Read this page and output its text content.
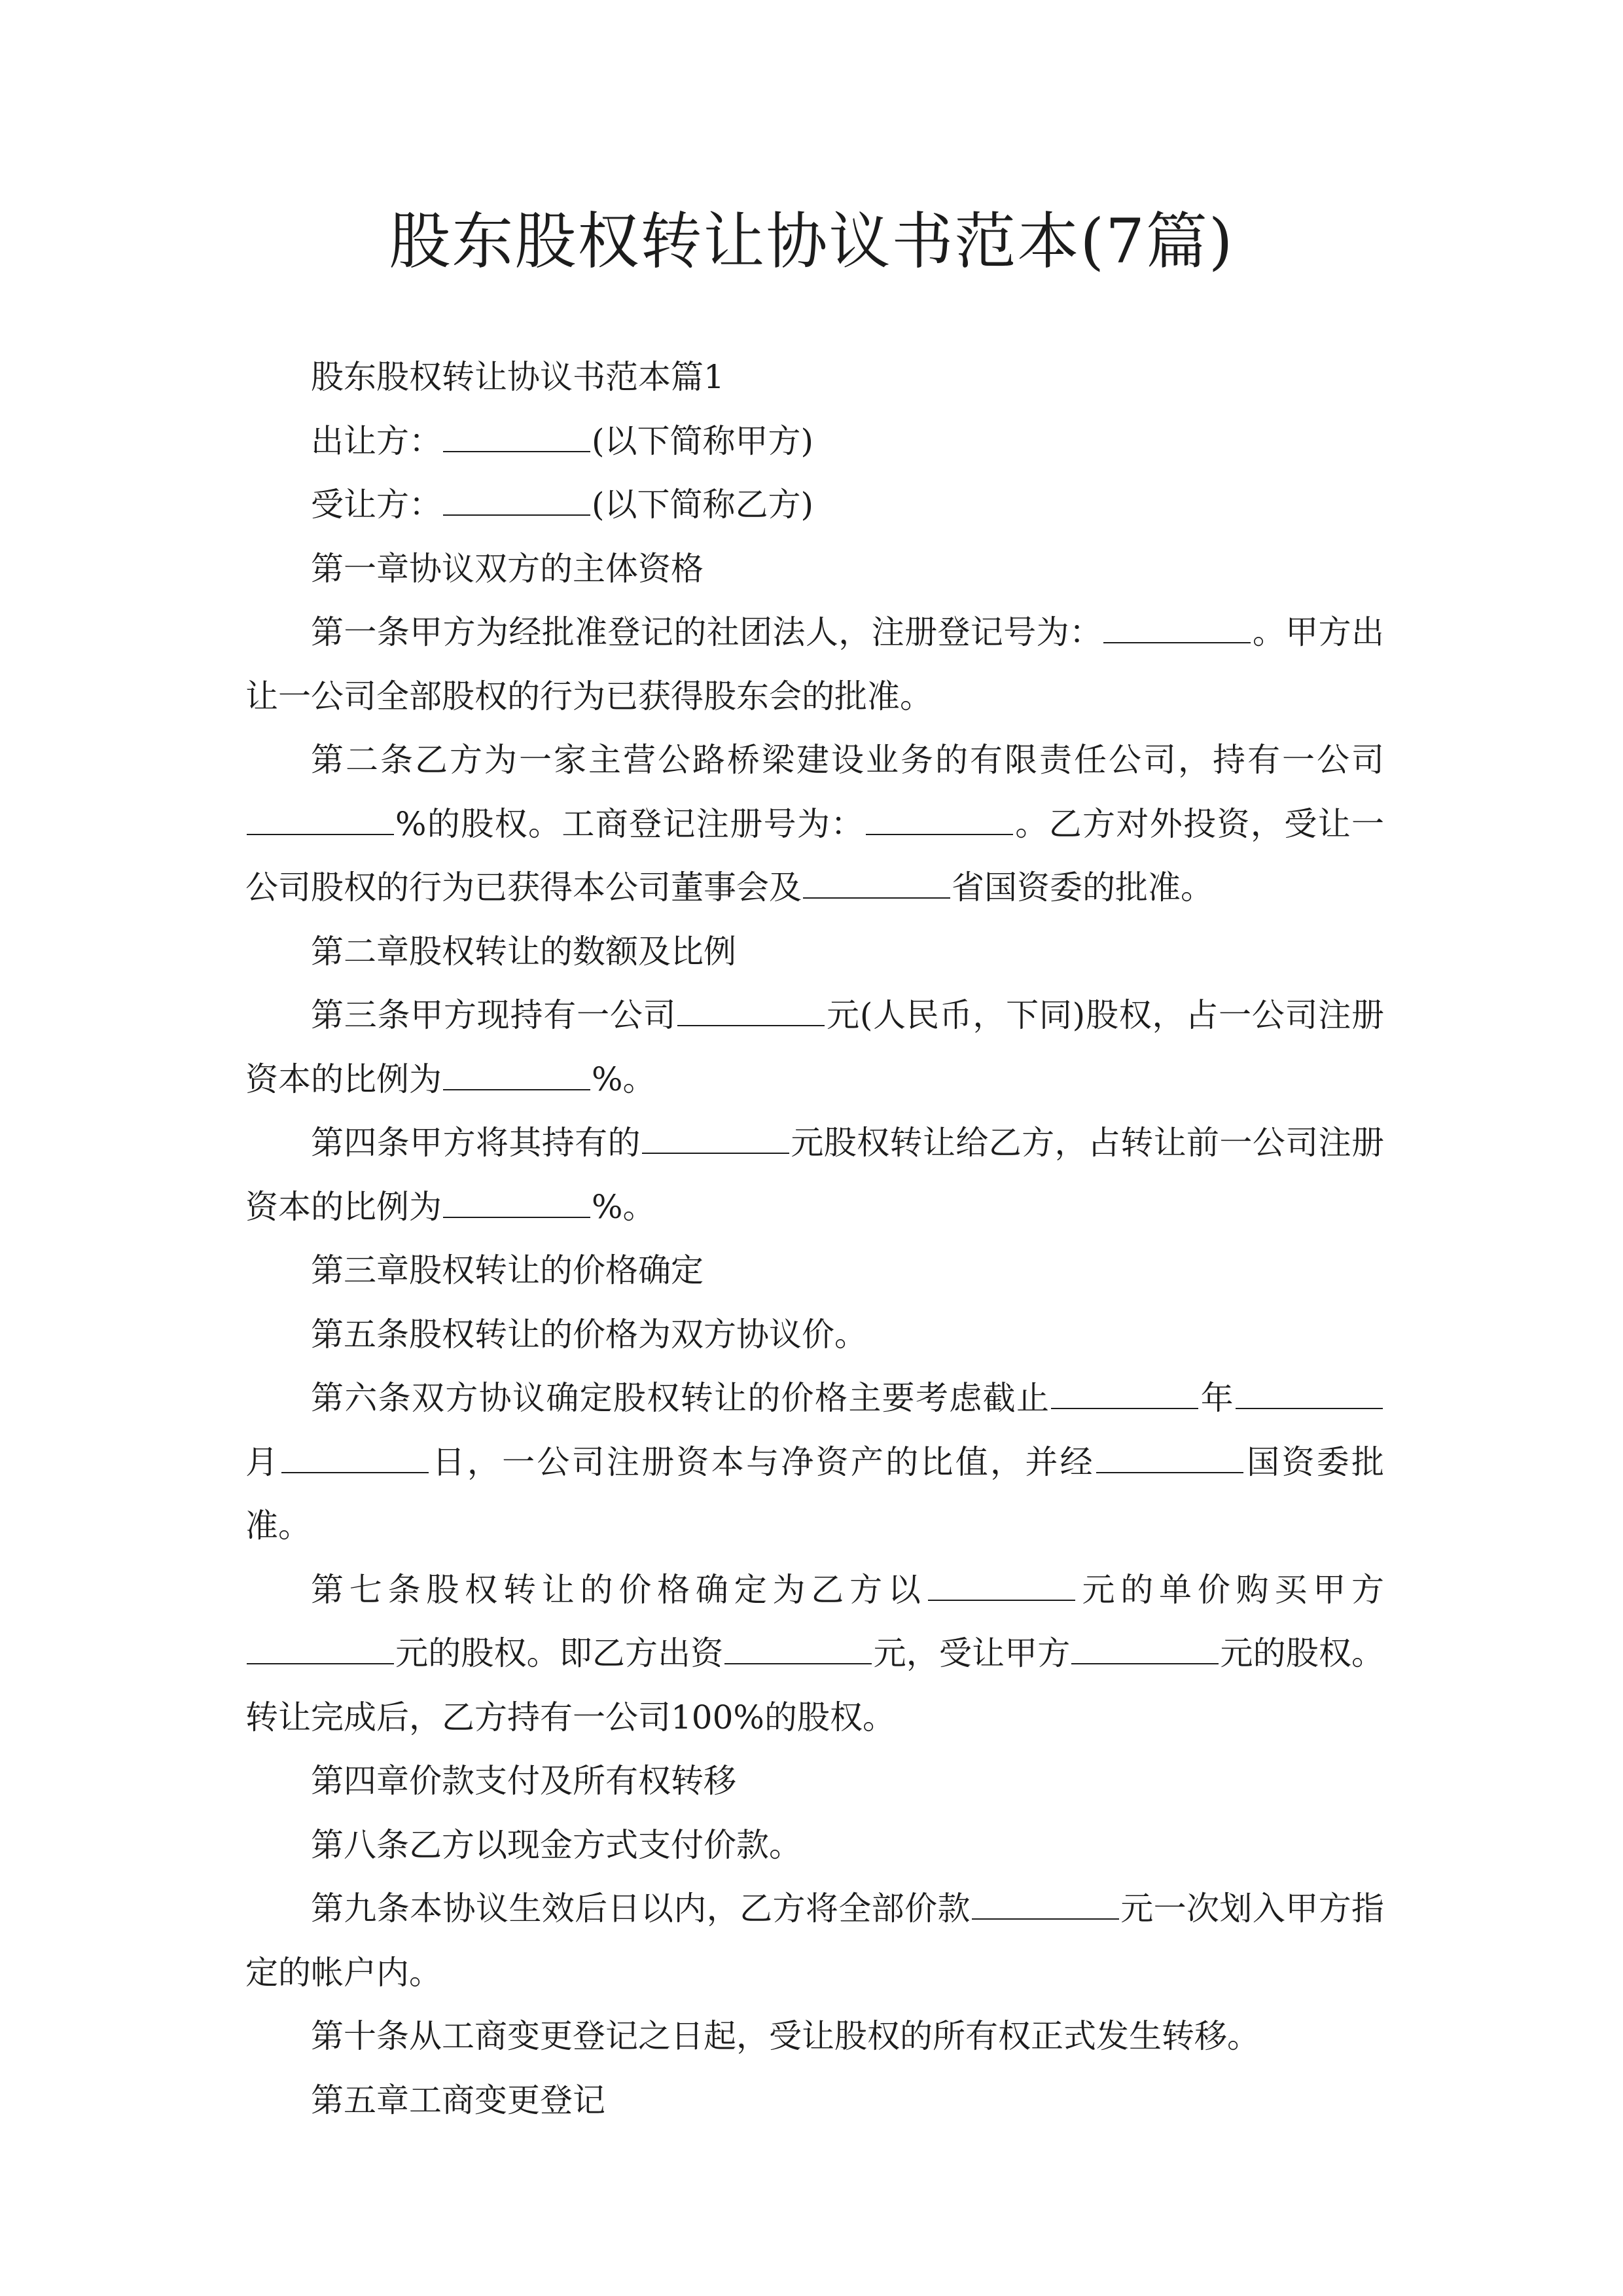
股东股权转让协议书范本(7篇)

股东股权转让协议书范本篇1

出让方：	(以下简称甲方)

受让方：	(以下简称乙方)

第一章协议双方的主体资格

第一条甲方为经批准登记的社团法人，注册登记号为：	。甲方出让一公司全部股权的行为已获得股东会的批准。

第二条乙方为一家主营公路桥梁建设业务的有限责任公司，持有一公司%的股权。工商登记注册号为：	。乙方对外投资，受让一公司股权的行为已获得本公司董事会及	省国资委的批准。

第二章股权转让的数额及比例

第三条甲方现持有一公司	元(人民币，下同)股权，占一公司注册资本的比例为	%。

第四条甲方将其持有的	元股权转让给乙方，占转让前一公司注册资本的比例为	%。

第三章股权转让的价格确定

第五条股权转让的价格为双方协议价。

第六条双方协议确定股权转让的价格主要考虑截止	年月	日，一公司注册资本与净资产的比值，并经	国资委批准。

第七条股权转让的价格确定为乙方以	元的单价购买甲方元的股权。即乙方出资	元，受让甲方	元的股权。转让完成后，乙方持有一公司100%的股权。

第四章价款支付及所有权转移

第八条乙方以现金方式支付价款。

第九条本协议生效后日以内，乙方将全部价款	元一次划入甲方指定的帐户内。

第十条从工商变更登记之日起，受让股权的所有权正式发生转移。

第五章工商变更登记
